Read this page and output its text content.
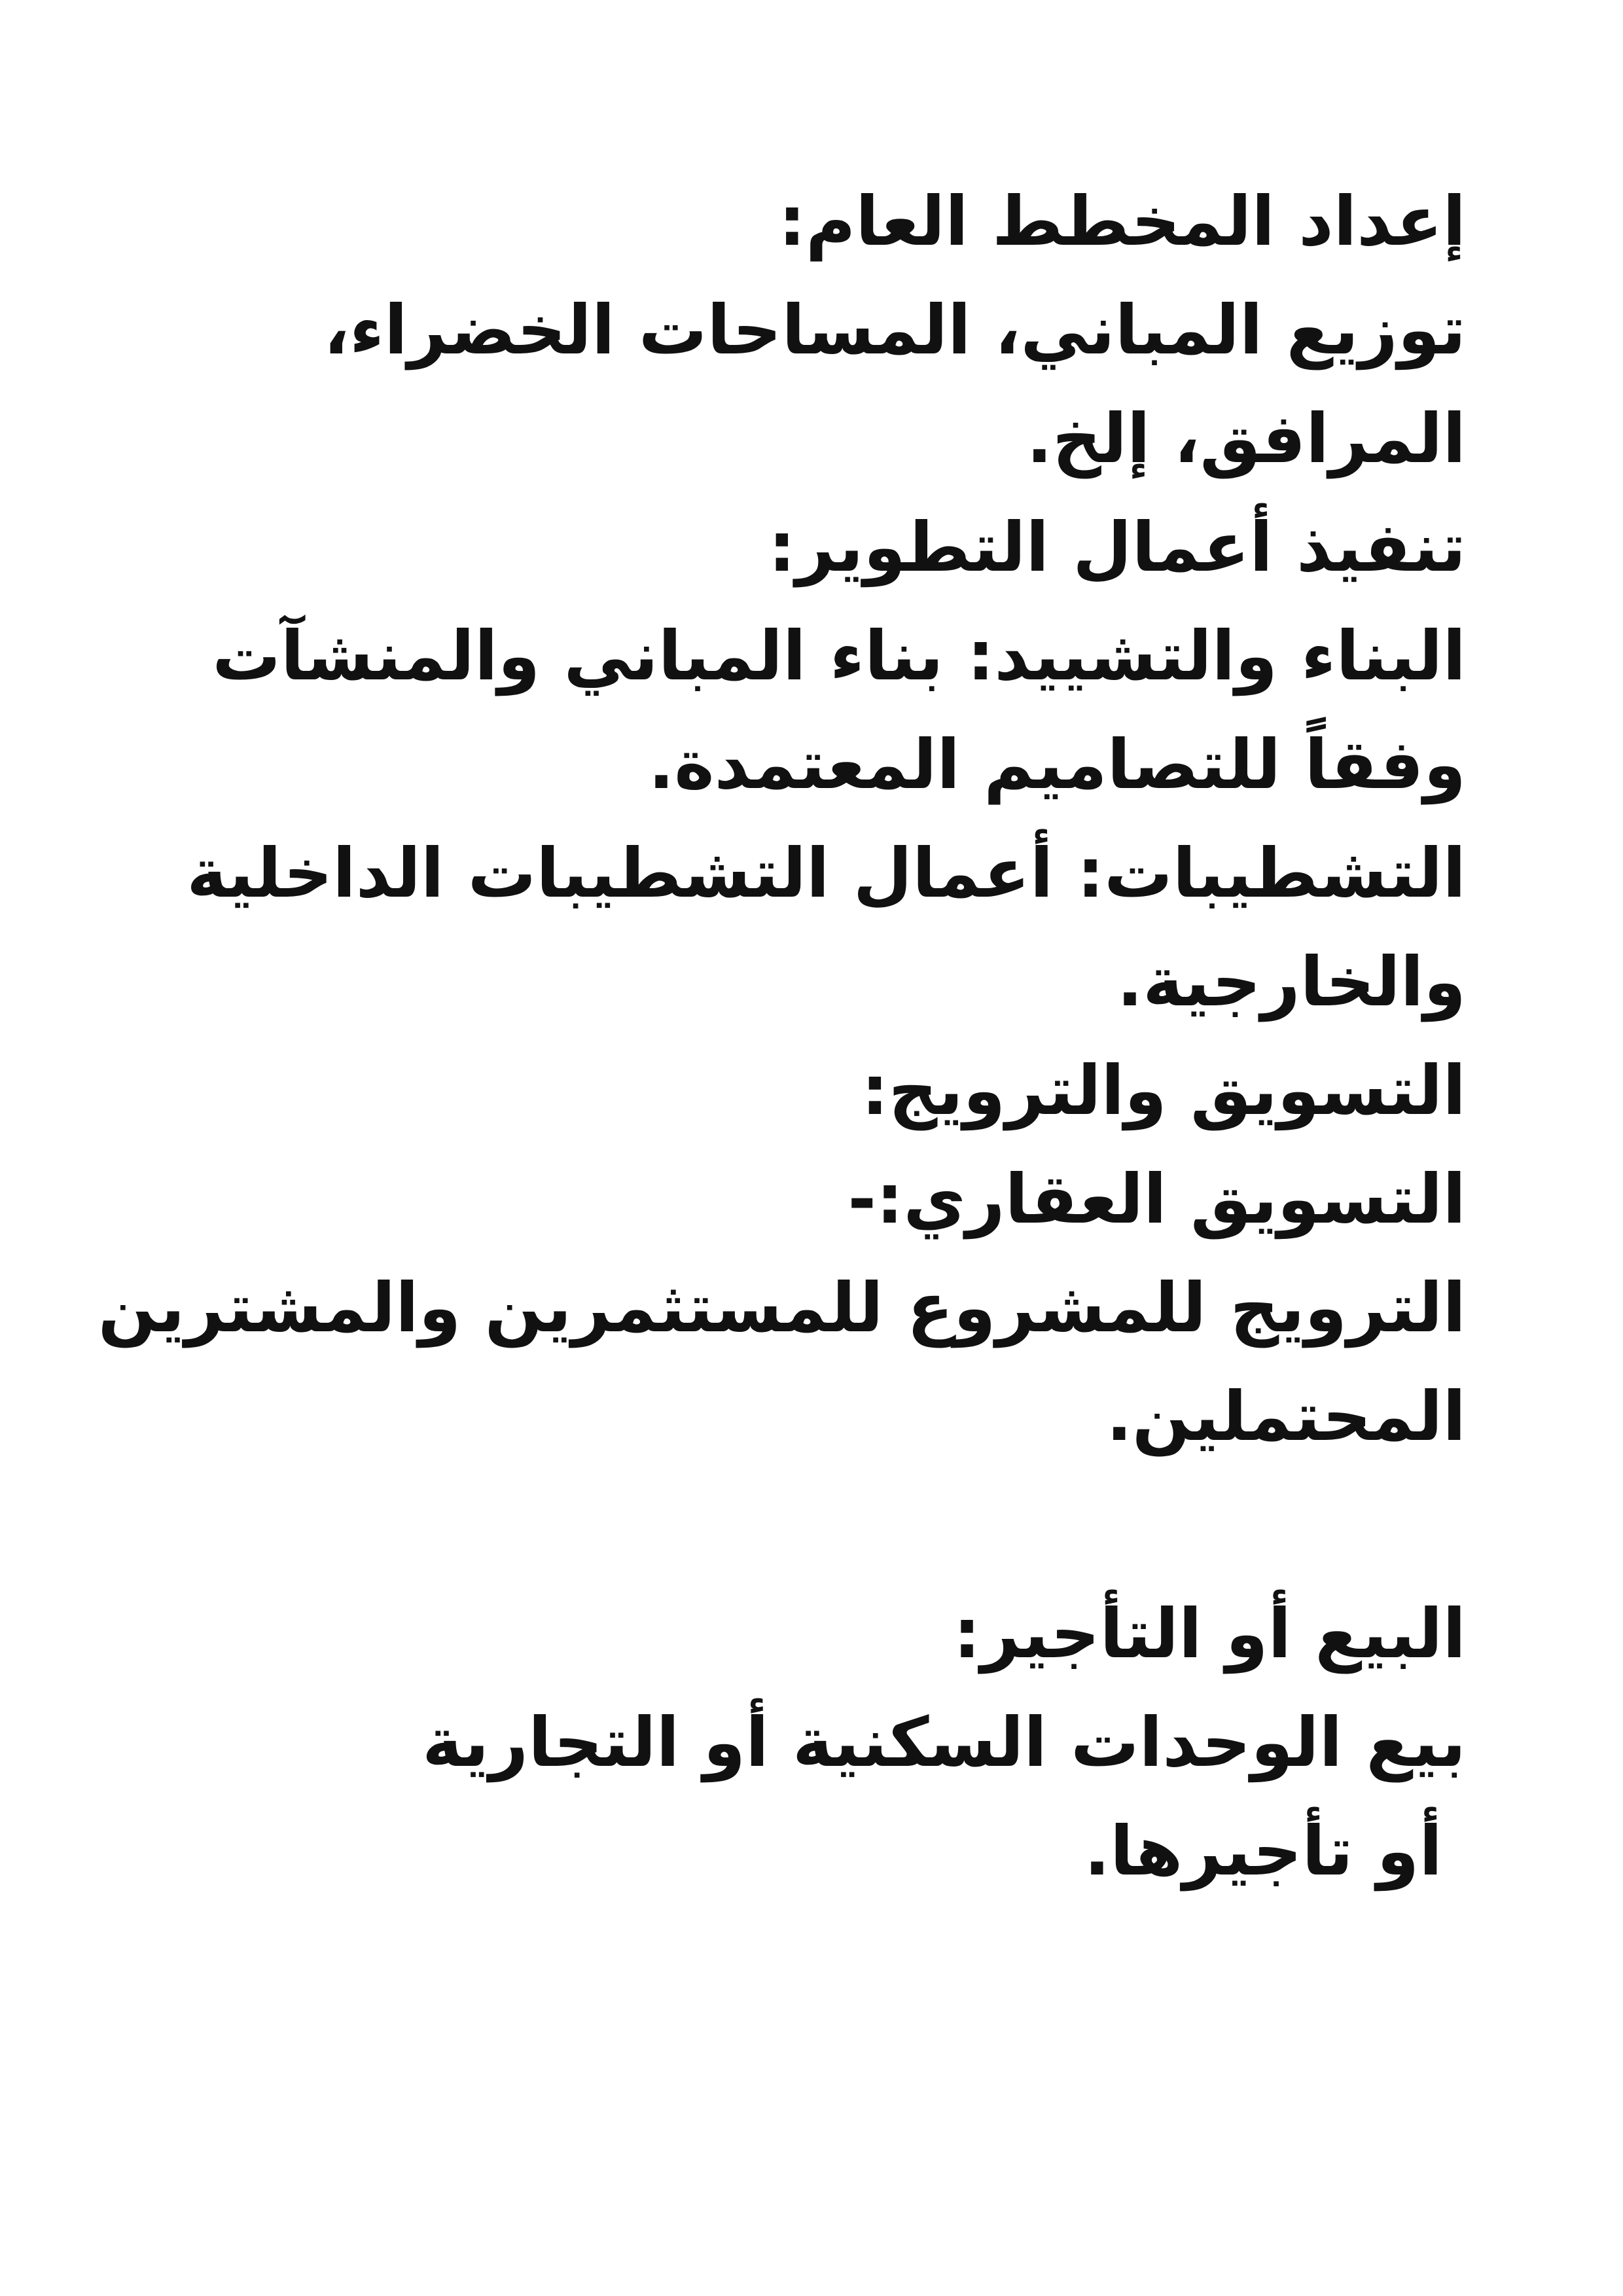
إعداد المخطط العام:
توزيع المباني، المساحات الخضراء،
المرافق، إلخ.
تنفيذ أعمال التطوير:
البناء والتشييد: بناء المباني والمنشآت
وفقاً للتصاميم المعتمدة.
التشطيبات: أعمال التشطيبات الداخلية
والخارجية.
التسويق والترويج:
التسويق العقاري:-
الترويج للمشروع للمستثمرين والمشترين
المحتملين.
البيع أو التأجير:
بيع الوحدات السكنية أو التجارية
أو تأجيرها.
